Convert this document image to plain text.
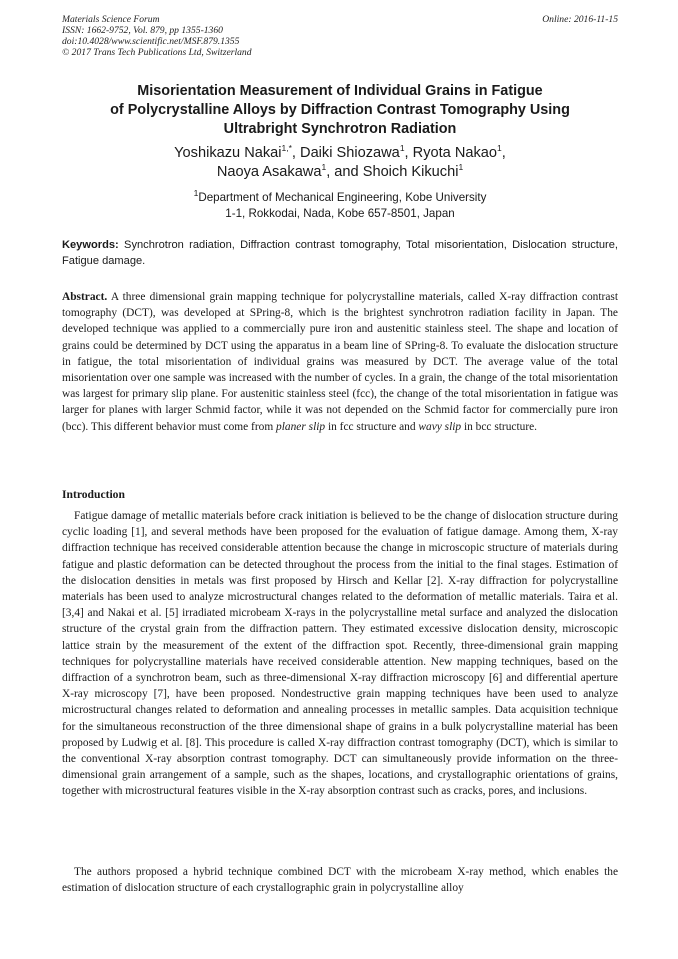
Materials Science Forum
ISSN: 1662-9752, Vol. 879, pp 1355-1360
doi:10.4028/www.scientific.net/MSF.879.1355
© 2017 Trans Tech Publications Ltd, Switzerland
Online: 2016-11-15
Misorientation Measurement of Individual Grains in Fatigue
of Polycrystalline Alloys by Diffraction Contrast Tomography Using
Ultrabright Synchrotron Radiation
Yoshikazu Nakai$^{1,*}$, Daiki Shiozawa$^1$, Ryota Nakao$^1$,
Naoya Asakawa$^1$, and Shoich Kikuchi$^1$
$^1$Department of Mechanical Engineering, Kobe University
1-1, Rokkodai, Nada, Kobe 657-8501, Japan
Keywords: Synchrotron radiation, Diffraction contrast tomography, Total misorientation, Dislocation structure, Fatigue damage.
Abstract. A three dimensional grain mapping technique for polycrystalline materials, called X-ray diffraction contrast tomography (DCT), was developed at SPring-8, which is the brightest synchrotron radiation facility in Japan. The developed technique was applied to a commercially pure iron and austenitic stainless steel. The shape and location of grains could be determined by DCT using the apparatus in a beam line of SPring-8. To evaluate the dislocation structure in fatigue, the total misorientation of individual grains was measured by DCT. The average value of the total misorientation over one sample was increased with the number of cycles. In a grain, the change of the total misorientation was largest for primary slip plane. For austenitic stainless steel (fcc), the change of the total misorientation in fatigue was larger for planes with larger Schmid factor, while it was not depended on the Schmid factor for commercially pure iron (bcc). This different behavior must come from planer slip in fcc structure and wavy slip in bcc structure.
Introduction
Fatigue damage of metallic materials before crack initiation is believed to be the change of dislocation structure during cyclic loading [1], and several methods have been proposed for the evaluation of fatigue damage. Among them, X-ray diffraction technique has received considerable attention because the change in microscopic structure of materials during fatigue and plastic deformation can be detected throughout the process from the initial to the final stages. Estimation of the dislocation densities in metals was first proposed by Hirsch and Kellar [2]. X-ray diffraction for polycrystalline materials has been used to analyze microstructural changes related to the deformation of metallic materials. Taira et al. [3,4] and Nakai et al. [5] irradiated microbeam X-rays in the polycrystalline metal surface and analyzed the dislocation structure of the crystal grain from the diffraction pattern. They estimated excessive dislocation density, microscopic lattice strain by the measurement of the extent of the diffraction spot. Recently, three-dimensional grain mapping techniques for polycrystalline materials have received considerable attention. New mapping techniques, based on the diffraction of a synchrotron beam, such as three-dimensional X-ray diffraction microscopy [6] and differential aperture X-ray microscopy [7], have been proposed. Nondestructive grain mapping techniques have been used to analyze microstructural changes related to deformation and annealing processes in metallic samples. Data acquisition technique for the simultaneous reconstruction of the three dimensional shape of grains in a bulk polycrystalline material has been proposed by Ludwig et al. [8]. This procedure is called X-ray diffraction contrast tomography (DCT), which is similar to the conventional X-ray absorption contrast tomography. DCT can simultaneously provide information on the three-dimensional grain arrangement of a sample, such as the shapes, locations, and crystallographic orientations of grains, together with microstructural features visible in the X-ray absorption contrast such as cracks, pores, and inclusions.
The authors proposed a hybrid technique combined DCT with the microbeam X-ray method, which enables the estimation of dislocation structure of each crystallographic grain in polycrystalline alloy
